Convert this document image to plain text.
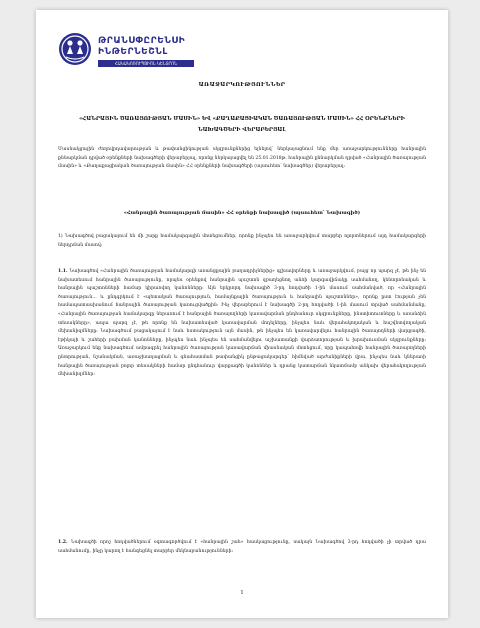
ԹՐԱՆՍՓԸՐԵՆՍԻ
ԻՆԹԵՐՆԵՇՆԼ
ՀԱԿԱԿՈՌՈՒՊՑԻՈՆ ԿԵՆՏՐՈՆ
ԱՌԱՋԱՐԿՈՒԹՅՈՒՆՆԵՐ
«ՀԱՆՐԱՅԻՆ ԾԱՌԱՅՈՒԹՅԱՆ ՄԱՍԻՆ» ԵՎ «ՔԱՂԱՔԱՑԻԱԿԱՆ ԾԱՌԱՅՈՒԹՅԱՆ ՄԱՍԻՆ» ՀՀ ՕՐԵՆՔՆԵՐԻ ՆԱԽԱԳԾԵՐԻ ՎԵՐԱԲԵՐՅԱԼ
Մասնակցային ժողովրդավարության և թափանցիկության սկզբունքներից ելնելով՝ ներկայացնում ենք մեր առաջարկությունները հանրային քննարկման դրված օրենքների նախագծերի վերաբերյալ, որոնք ներկայացվել են 25.01.2018թ. հանրային քննարկման դրված «Հանրային ծառայության մասին» և «Քաղաքացիական ծառայության մասին» ՀՀ օրենքների նախագծերի (այսուհետ՝ նախագծեր) վերաբերյալ:
«Հանրային ծառայության մասին» ՀՀ օրենքի նախագիծ (այսուհետ՝ Նախագիծ)
1) Նախագծով բացակայում են մի շարք համակարգային մոտեցումներ, որոնք ինչպես են առաջարկվում տարբեր ոլորտներում այդ համակարգերի ներդրման մասով:
1.1. Նախագծով «Հանրային ծառայության համակարգի առանցքային բաղադրիչներից» գլխավորները և առաջարկվում, բայց որ պարզ չէ, թե ինչ են նախատեսում հանրային ծառայությունը, որպես օրենքով հանրային պաշտոն զբաղեցնող անձի կարգավիճակը սահմանող, կենտրոնական և հանրային պաշտոնների համար կիրառվող կանոնները: Այն երկրորդ նախագիծ 3-րդ հոդվածի 1-ին մասում սահմանված, որ «Հանրային ծառայություն... և ընդգրկում է «պետական ծառայություն, համայնքային ծառայություն և հանրային պաշտոններ», որոնք ըստ էության չեն համապատասխանում հանրային ծառայության կառուցվածքին: Ինչ վերաբերում է նախագծի 2-րդ հոդվածի 1-ին մասում տրված սահմանմանը, «Հանրային ծառայության համակարգը ներառում է հանրային ծառայողների կառավարման ընդհանուր սկզբունքները, ինստիտուտները և առանձին տեսակները», ապա պարզ չէ, թե որոնք են նախատեսված կառավարման մոդելները, ինչպես նաև վերահսկողական և հաշվետվողական մեխանիզմները: Նախագծում բացակայում է նաև հստակություն այն մասին, թե ինչպես են կառավարվելու հանրային ծառայողների վարքագծի, էթիկայի և շահերի բախման կանոնները, ինչպես նաև ինչպես են սահմանվելու աշխատանքի վարձատրության և խրախուսման սկզբունքները: Առաջարկում ենք նախագծում ամրագրել հանրային ծառայության կառավարման միասնական մոտեցում, որը կապահովի հանրային ծառայողների ընտրության, նշանակման, առաջխաղացման և գնահատման թափանցիկ ընթացակարգեր՝ հիմնված արժանիքների վրա, ինչպես նաև կներառի հանրային ծառայության բոլոր տեսակների համար ընդհանուր վարքագծի կանոններ և դրանց կատարման նկատմամբ անկախ վերահսկողության մեխանիզմներ:
1.2. Նախագծի որոշ հոդվածներում օգտագործվում է «հանրային շահ» հասկացությունը, սակայն Նախագծով 3-րդ հոդվածի չի տրված դրա սահմանումը, ինչը կարող է հանգեցնել տարբեր մեկնաբանությունների:
1
